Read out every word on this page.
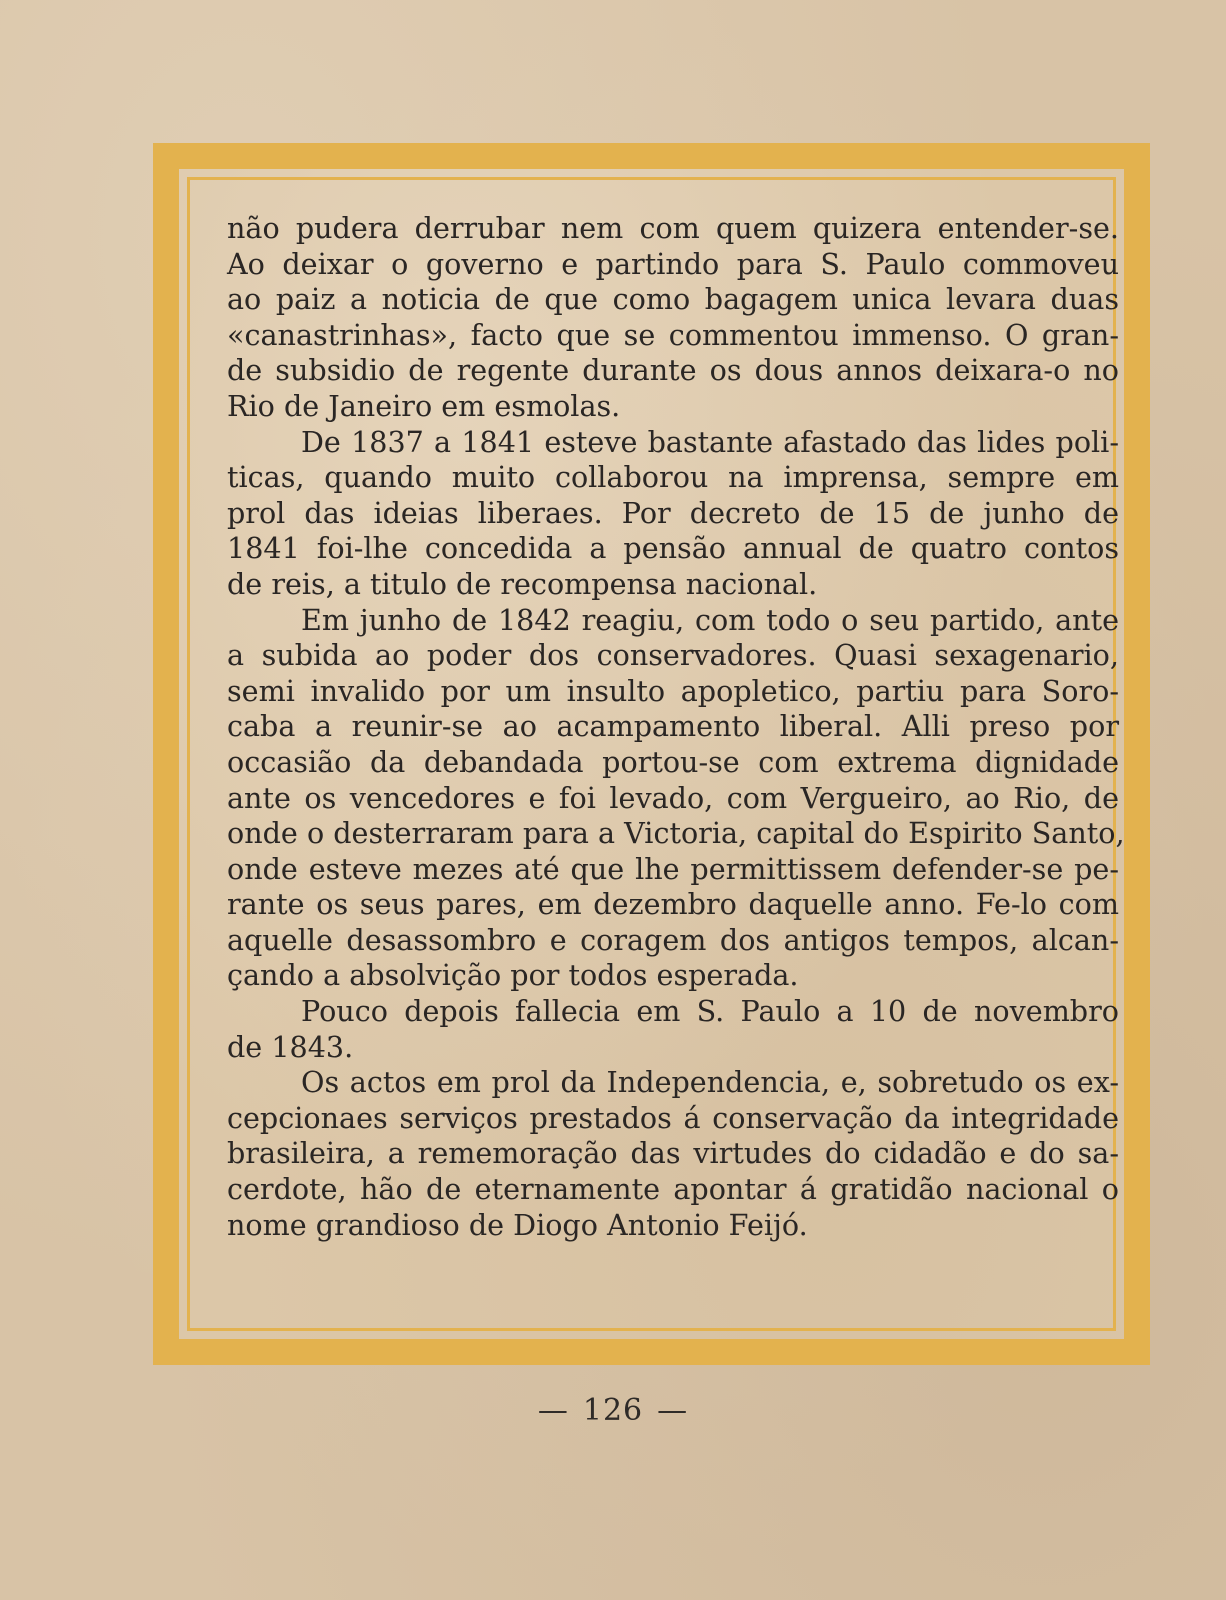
não pudera derrubar nem com quem quizera entender-se.
Ao deixar o governo e partindo para S. Paulo commoveu
ao paiz a noticia de que como bagagem unica levara duas
«canastrinhas», facto que se commentou immenso. O gran-
de subsidio de regente durante os dous annos deixara-o no
Rio de Janeiro em esmolas.
De 1837 a 1841 esteve bastante afastado das lides poli-
ticas, quando muito collaborou na imprensa, sempre em
prol das ideias liberaes. Por decreto de 15 de junho de
1841 foi-lhe concedida a pensão annual de quatro contos
de reis, a titulo de recompensa nacional.
Em junho de 1842 reagiu, com todo o seu partido, ante
a subida ao poder dos conservadores. Quasi sexagenario,
semi invalido por um insulto apopletico, partiu para Soro-
caba a reunir-se ao acampamento liberal. Alli preso por
occasião da debandada portou-se com extrema dignidade
ante os vencedores e foi levado, com Vergueiro, ao Rio, de
onde o desterraram para a Victoria, capital do Espirito Santo,
onde esteve mezes até que lhe permittissem defender-se pe-
rante os seus pares, em dezembro daquelle anno. Fe-lo com
aquelle desassombro e coragem dos antigos tempos, alcan-
çando a absolvição por todos esperada.
Pouco depois fallecia em S. Paulo a 10 de novembro
de 1843.
Os actos em prol da Independencia, e, sobretudo os ex-
cepcionaes serviços prestados á conservação da integridade
brasileira, a rememoração das virtudes do cidadão e do sa-
cerdote, hão de eternamente apontar á gratidão nacional o
nome grandioso de Diogo Antonio Feijó.
— 126 —
